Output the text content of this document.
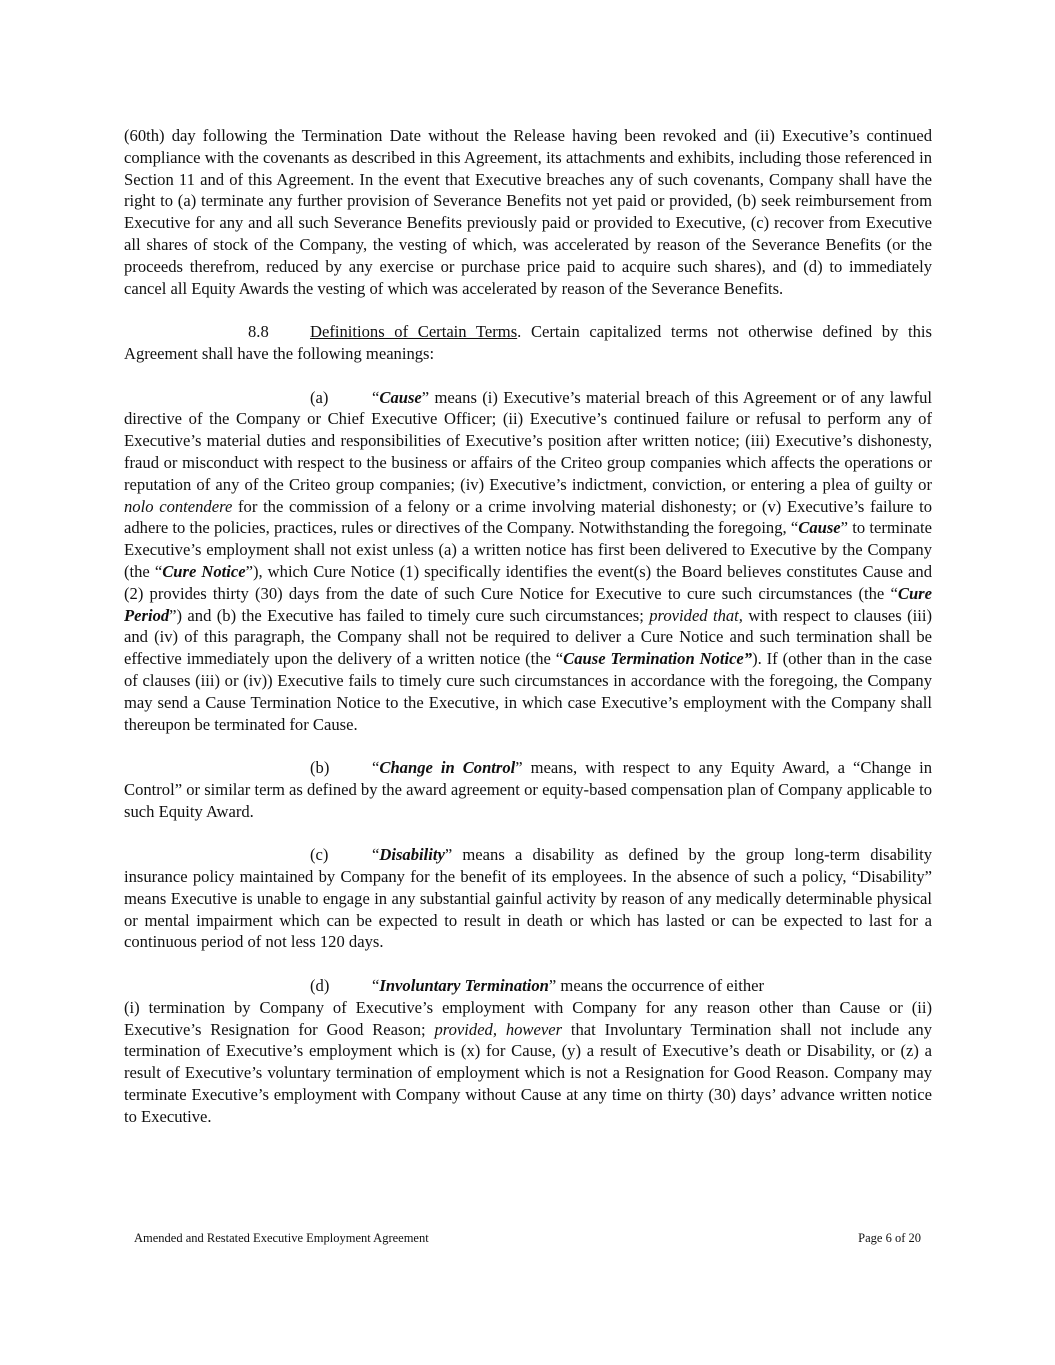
(60th) day following the Termination Date without the Release having been revoked and (ii) Executive’s continued compliance with the covenants as described in this Agreement, its attachments and exhibits, including those referenced in Section 11 and of this Agreement. In the event that Executive breaches any of such covenants, Company shall have the right to (a) terminate any further provision of Severance Benefits not yet paid or provided, (b) seek reimbursement from Executive for any and all such Severance Benefits previously paid or provided to Executive, (c) recover from Executive all shares of stock of the Company, the vesting of which, was accelerated by reason of the Severance Benefits (or the proceeds therefrom, reduced by any exercise or purchase price paid to acquire such shares), and (d) to immediately cancel all Equity Awards the vesting of which was accelerated by reason of the Severance Benefits.

8.8 Definitions of Certain Terms. Certain capitalized terms not otherwise defined by this Agreement shall have the following meanings:

(a)	“Cause” means (i) Executive’s material breach of this Agreement or of any lawful directive of the Company or Chief Executive Officer; (ii) Executive’s continued failure or refusal to perform any of Executive’s material duties and responsibilities of Executive’s position after written notice; (iii) Executive’s dishonesty, fraud or misconduct with respect to the business or affairs of the Criteo group companies which affects the operations or reputation of any of the Criteo group companies; (iv) Executive’s indictment, conviction, or entering a plea of guilty or nolo contendere for the commission of a felony or a crime involving material dishonesty; or (v) Executive’s failure to adhere to the policies, practices, rules or directives of the Company. Notwithstanding the foregoing, “Cause” to terminate Executive’s employment shall not exist unless (a) a written notice has first been delivered to Executive by the Company (the “Cure Notice”), which Cure Notice (1) specifically identifies the event(s) the Board believes constitutes Cause and (2) provides thirty (30) days from the date of such Cure Notice for Executive to cure such circumstances (the “Cure Period”) and (b) the Executive has failed to timely cure such circumstances; provided that, with respect to clauses (iii) and (iv) of this paragraph, the Company shall not be required to deliver a Cure Notice and such termination shall be effective immediately upon the delivery of a written notice (the “Cause Termination Notice”). If (other than in the case of clauses (iii) or (iv)) Executive fails to timely cure such circumstances in accordance with the foregoing, the Company may send a Cause Termination Notice to the Executive, in which case Executive’s employment with the Company shall thereupon be terminated for Cause.

(b)	“Change in Control” means, with respect to any Equity Award, a “Change in Control” or similar term as defined by the award agreement or equity-based compensation plan of Company applicable to such Equity Award.

(c)	“Disability” means a disability as defined by the group long-term disability insurance policy maintained by Company for the benefit of its employees. In the absence of such a policy, “Disability” means Executive is unable to engage in any substantial gainful activity by reason of any medically determinable physical or mental impairment which can be expected to result in death or which has lasted or can be expected to last for a continuous period of not less 120 days.

(d)	“Involuntary Termination” means the occurrence of either

(i) termination by Company of Executive’s employment with Company for any reason other than Cause or (ii) Executive’s Resignation for Good Reason; provided, however that Involuntary Termination shall not include any termination of Executive’s employment which is (x) for Cause, (y) a result of Executive’s death or Disability, or (z) a result of Executive’s voluntary termination of employment which is not a Resignation for Good Reason. Company may terminate Executive’s employment with Company without Cause at any time on thirty (30) days’ advance written notice to Executive.

Amended and Restated Executive Employment Agreement	Page 6 of 20
